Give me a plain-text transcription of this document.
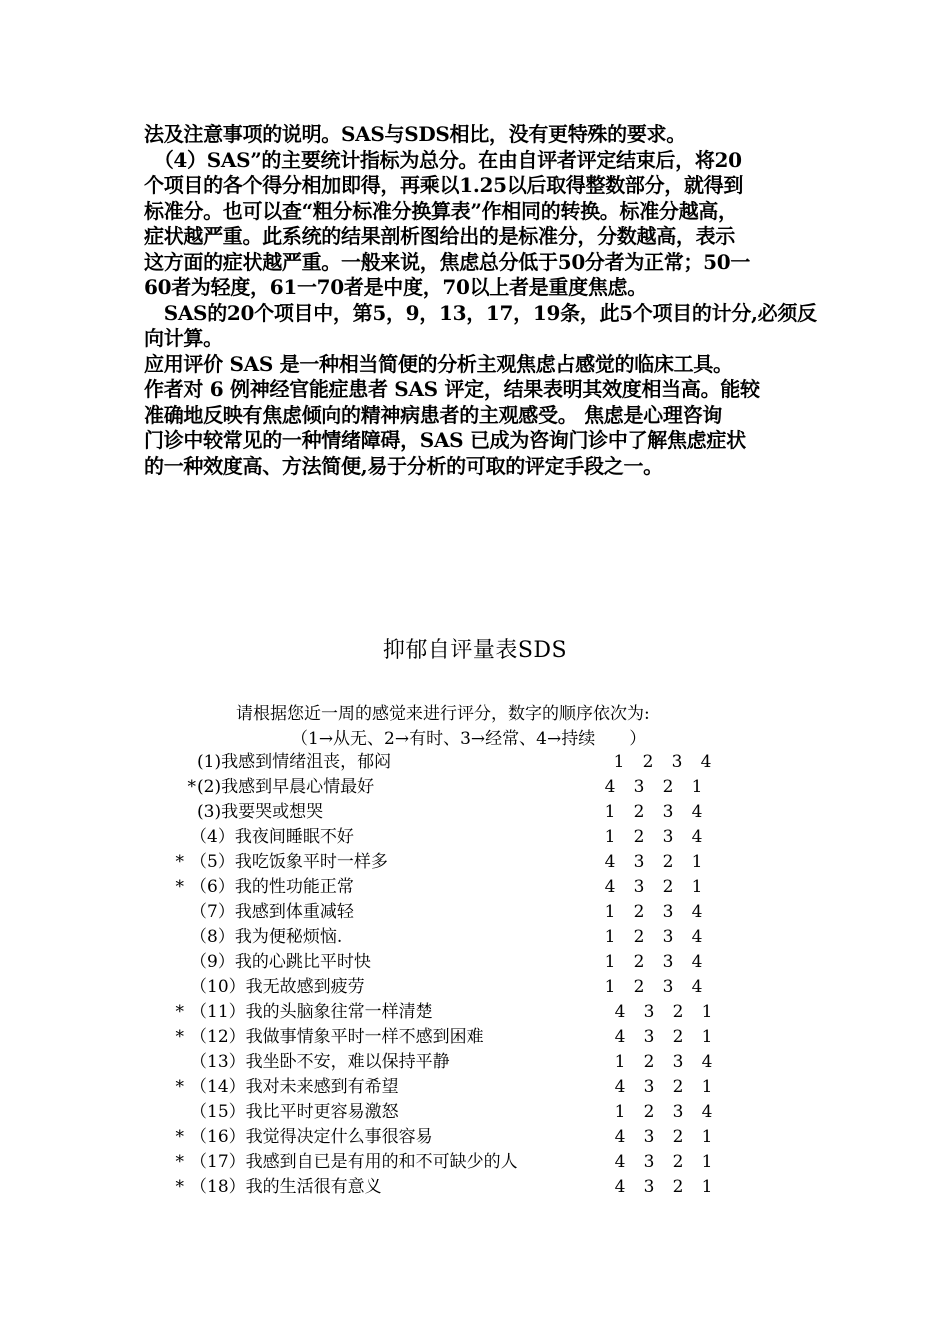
法及注意事项的说明。SAS与SDS相比，没有更特殊的要求。

　（4）SAS”的主要统计指标为总分。在由自评者评定结束后，将20

个项目的各个得分相加即得，再乘以1.25以后取得整数部分，就得到

标准分。也可以查“粗分标准分换算表”作相同的转换。标准分越高，

症状越严重。此系统的结果剖析图给出的是标准分，分数越高，表示

这方面的症状越严重。一般来说，焦虑总分低于50分者为正常；50一

60者为轻度，61一70者是中度，70以上者是重度焦虑。

　SAS的20个项目中，第5，9，13，17，19条，此5个项目的计分,必须反

向计算。

应用评价 SAS 是一种相当简便的分析主观焦虑占感觉的临床工具。

作者对 6 例神经官能症患者 SAS 评定，结果表明其效度相当高。能较

准确地反映有焦虑倾向的精神病患者的主观感受。 焦虑是心理咨询

门诊中较常见的一种情绪障碍，SAS 已成为咨询门诊中了解焦虑症状

的一种效度高、方法简便,易于分析的可取的评定手段之一。

抑郁自评量表SDS
请根据您近一周的感觉来进行评分，数字的顺序依次为:
（1→从无、2→有时、3→经常、4→持续　　）
(1)我感到情绪沮丧，郁闷	1 2 3 4
* (2)我感到早晨心情最好	4 3 2 1
(3)我要哭或想哭	1 2 3 4
（4）我夜间睡眠不好	1 2 3 4
* （5）我吃饭象平时一样多	4 3 2 1
* （6）我的性功能正常	4 3 2 1
（7）我感到体重减轻	1 2 3 4
（8）我为便秘烦恼.	1 2 3 4
（9）我的心跳比平时快	1 2 3 4
（10）我无故感到疲劳	1 2 3 4
* （11）我的头脑象往常一样清楚	4 3 2 1
* （12）我做事情象平时一样不感到困难	4 3 2 1
（13）我坐卧不安，难以保持平静	1 2 3 4
* （14）我对未来感到有希望	4 3 2 1
（15）我比平时更容易激怒	1 2 3 4
* （16）我觉得决定什么事很容易	4 3 2 1
* （17）我感到自已是有用的和不可缺少的人	4 3 2 1
* （18）我的生活很有意义	4 3 2 1
